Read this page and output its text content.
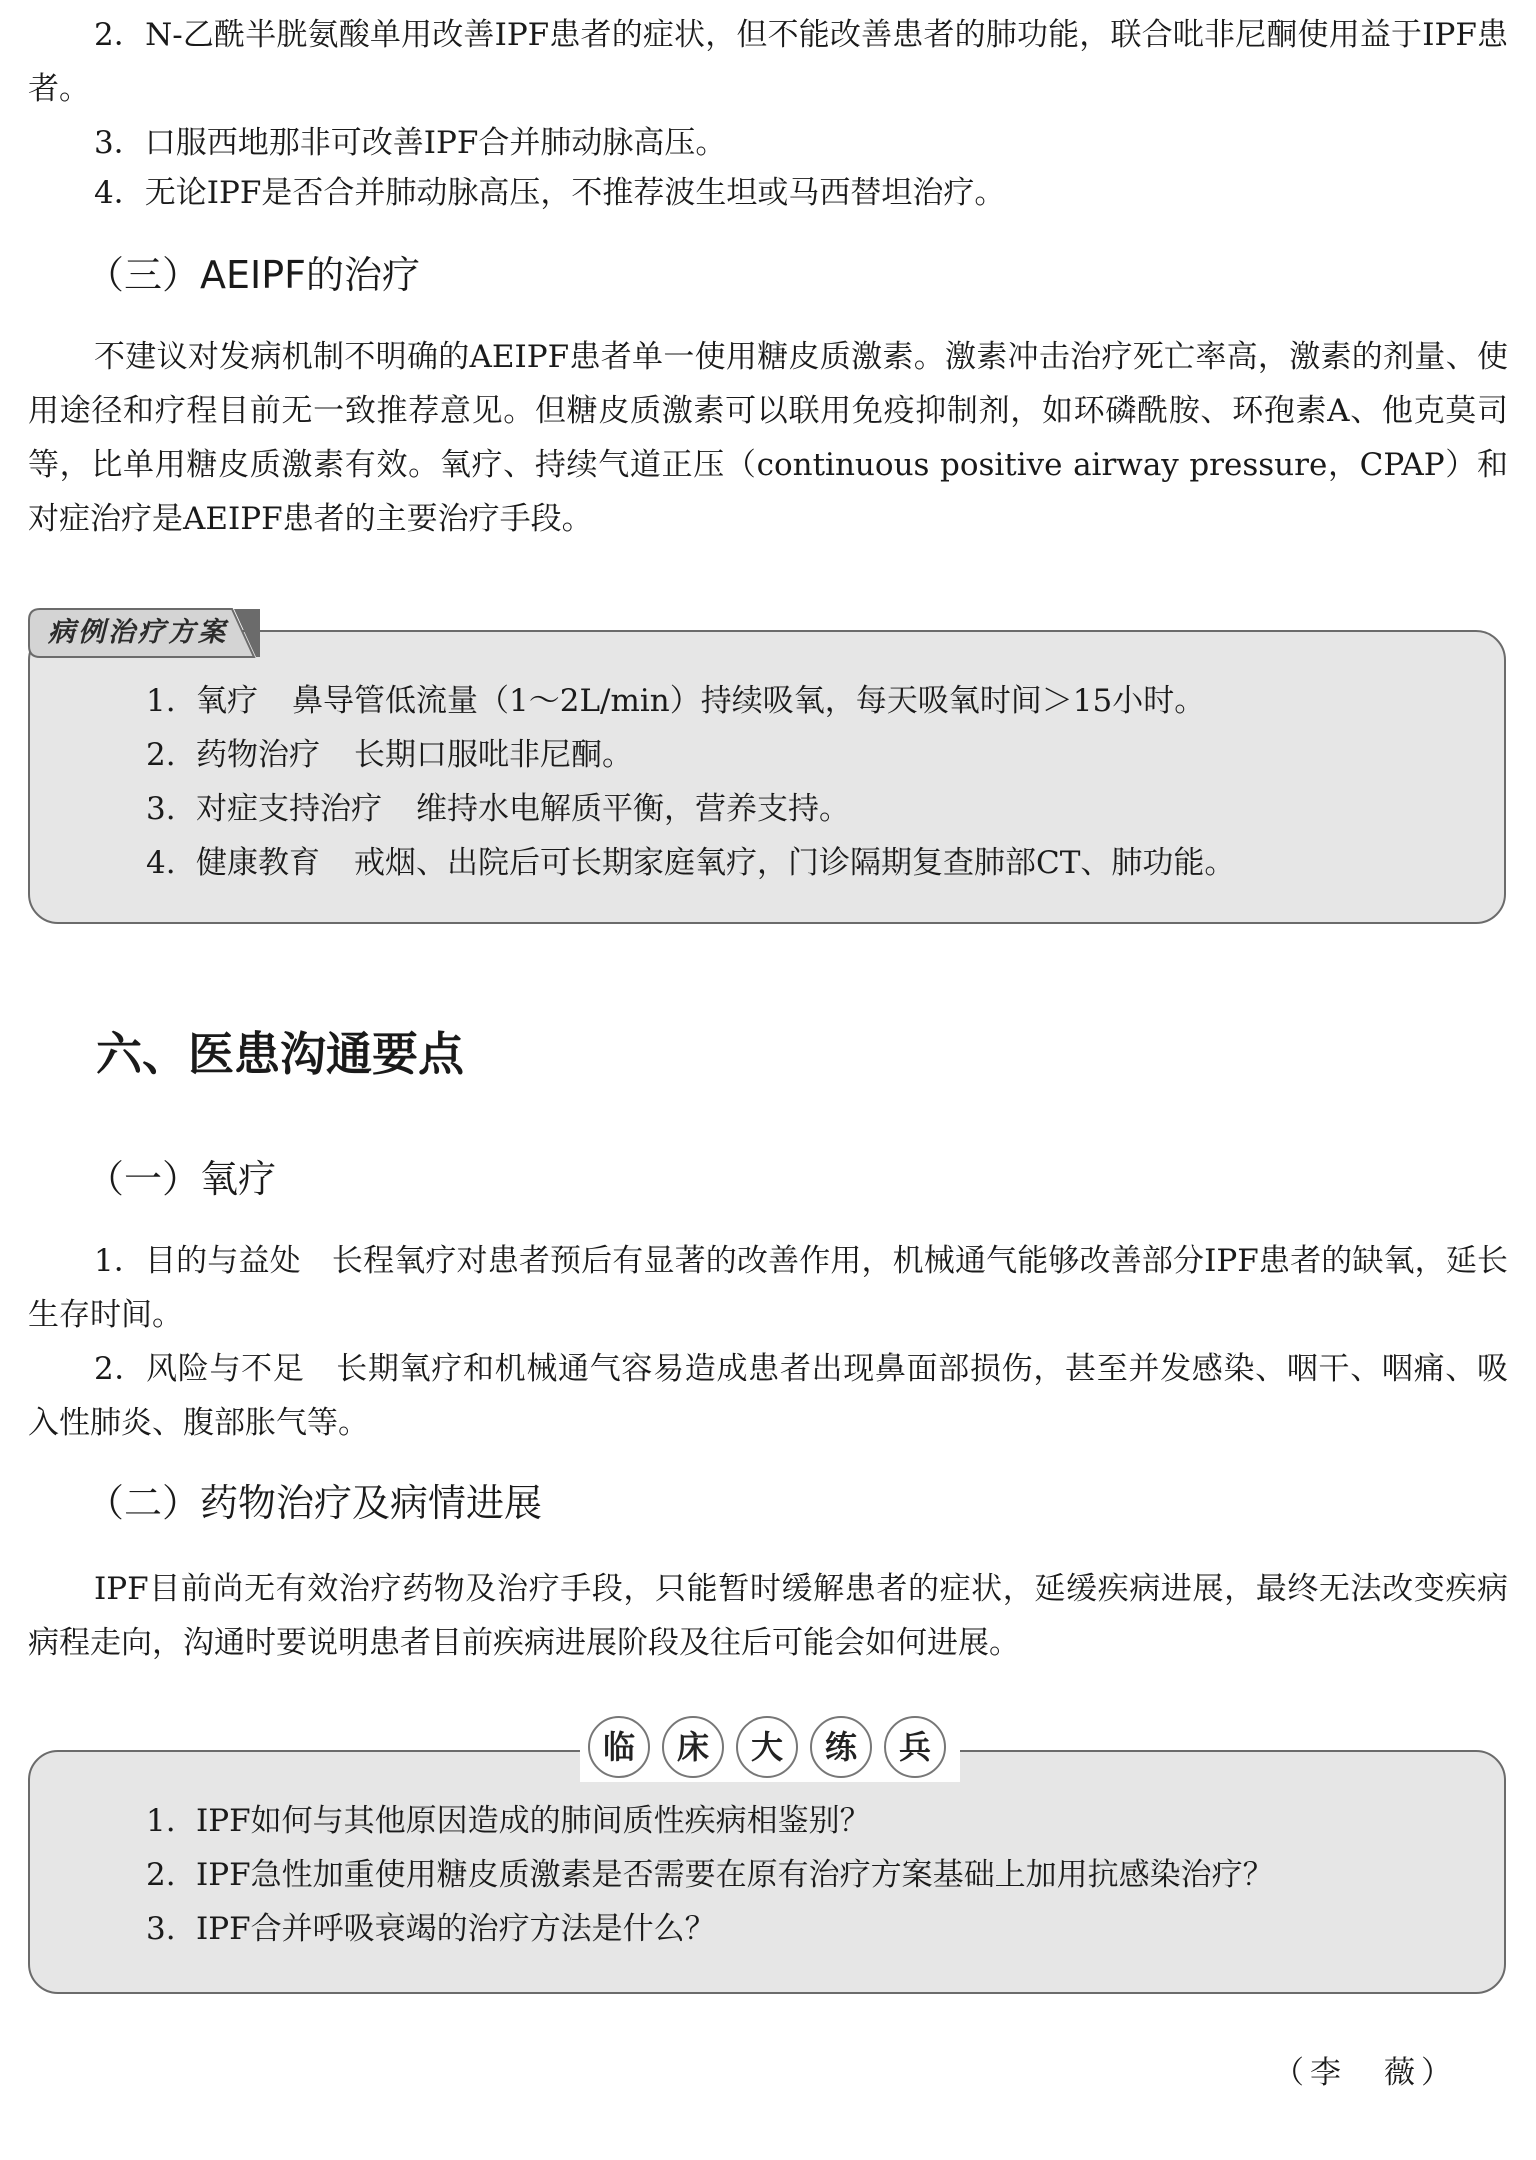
2．N-乙酰半胱氨酸单用改善IPF患者的症状，但不能改善患者的肺功能，联合吡非尼酮使用益于IPF患者。

3．口服西地那非可改善IPF合并肺动脉高压。

4．无论IPF是否合并肺动脉高压，不推荐波生坦或马西替坦治疗。

（三）AEIPF的治疗

不建议对发病机制不明确的AEIPF患者单一使用糖皮质激素。激素冲击治疗死亡率高，激素的剂量、使用途径和疗程目前无一致推荐意见。但糖皮质激素可以联用免疫抑制剂，如环磷酰胺、环孢素A、他克莫司等，比单用糖皮质激素有效。氧疗、持续气道正压（continuous positive airway pressure，CPAP）和对症治疗是AEIPF患者的主要治疗手段。

1. 氧疗 鼻导管低流量（1～2L/min）持续吸氧，每天吸氧时间＞15小时。
2. 药物治疗 长期口服吡非尼酮。
3. 对症支持治疗 维持水电解质平衡，营养支持。
4. 健康教育 戒烟、出院后可长期家庭氧疗，门诊隔期复查肺部CT、肺功能。
病例治疗方案
六、医患沟通要点
（一）氧疗

1．目的与益处　长程氧疗对患者预后有显著的改善作用，机械通气能够改善部分IPF患者的缺氧，延长生存时间。

2．风险与不足　长期氧疗和机械通气容易造成患者出现鼻面部损伤，甚至并发感染、咽干、咽痛、吸入性肺炎、腹部胀气等。

（二）药物治疗及病情进展

IPF目前尚无有效治疗药物及治疗手段，只能暂时缓解患者的症状，延缓疾病进展，最终无法改变疾病病程走向，沟通时要说明患者目前疾病进展阶段及往后可能会如何进展。

1. IPF如何与其他原因造成的肺间质性疾病相鉴别？
2. IPF急性加重使用糖皮质激素是否需要在原有治疗方案基础上加用抗感染治疗？
3. IPF合并呼吸衰竭的治疗方法是什么？
临	床	大	练	兵
（李　薇）
